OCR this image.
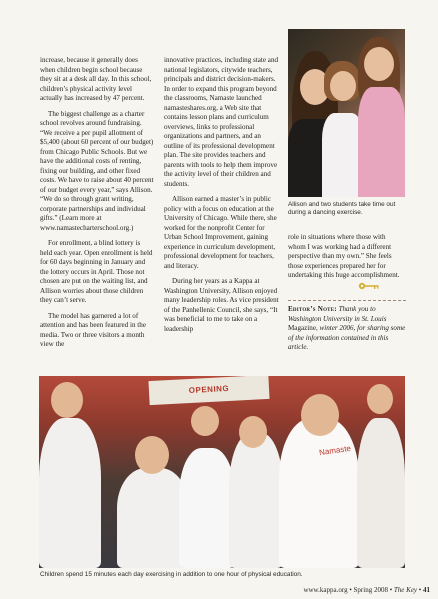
increase, because it generally does when children begin school because they sit at a desk all day. In this school, children’s physical activity level actually has increased by 47 percent.

The biggest challenge as a charter school revolves around fundraising. “We receive a per pupil allotment of $5,400 (about 60 percent of our budget) from Chicago Public Schools. But we have the additional costs of renting, fixing our building, and other fixed costs. We have to raise about 40 percent of our budget every year,” says Allison. “We do so through grant writing, corporate partnerships and individual gifts.” (Learn more at www.namastecharterschool.org.)

For enrollment, a blind lottery is held each year. Open enrollment is held for 60 days beginning in January and the lottery occurs in April. Those not chosen are put on the waiting list, and Allison worries about those children they can’t serve.

The model has garnered a lot of attention and has been featured in the media. Two or three visitors a month view the

innovative practices, including state and national legislators, citywide teachers, principals and district decision-makers. In order to expand this program beyond the classrooms, Namaste launched namasteshares.org, a Web site that contains lesson plans and curriculum overviews, links to professional organizations and partners, and an outline of its professional development plan. The site provides teachers and parents with tools to help them improve the activity level of their children and students.

Allison earned a master’s in public policy with a focus on education at the University of Chicago. While there, she worked for the nonprofit Center for Urban School Improvement, gaining experience in curriculum development, professional development for teachers, and literacy.

During her years as a Kappa at Washington University, Allison enjoyed many leadership roles. As vice president of the Panhellenic Council, she says, “It was beneficial to me to take on a leadership

Allison and two students take time out during a dancing exercise.

role in situations where those with whom I was working had a different perspective than my own.” She feels those experiences prepared her for undertaking this huge accomplishment.

Editor’s Note: Thank you to Washington University in St. Louis Magazine, winter 2006, for sharing some of the information contained in this article.
OPENING
Namaste
Children spend 15 minutes each day exercising in addition to one hour of physical education.
www.kappa.org • Spring 2008 • The Key • 41
